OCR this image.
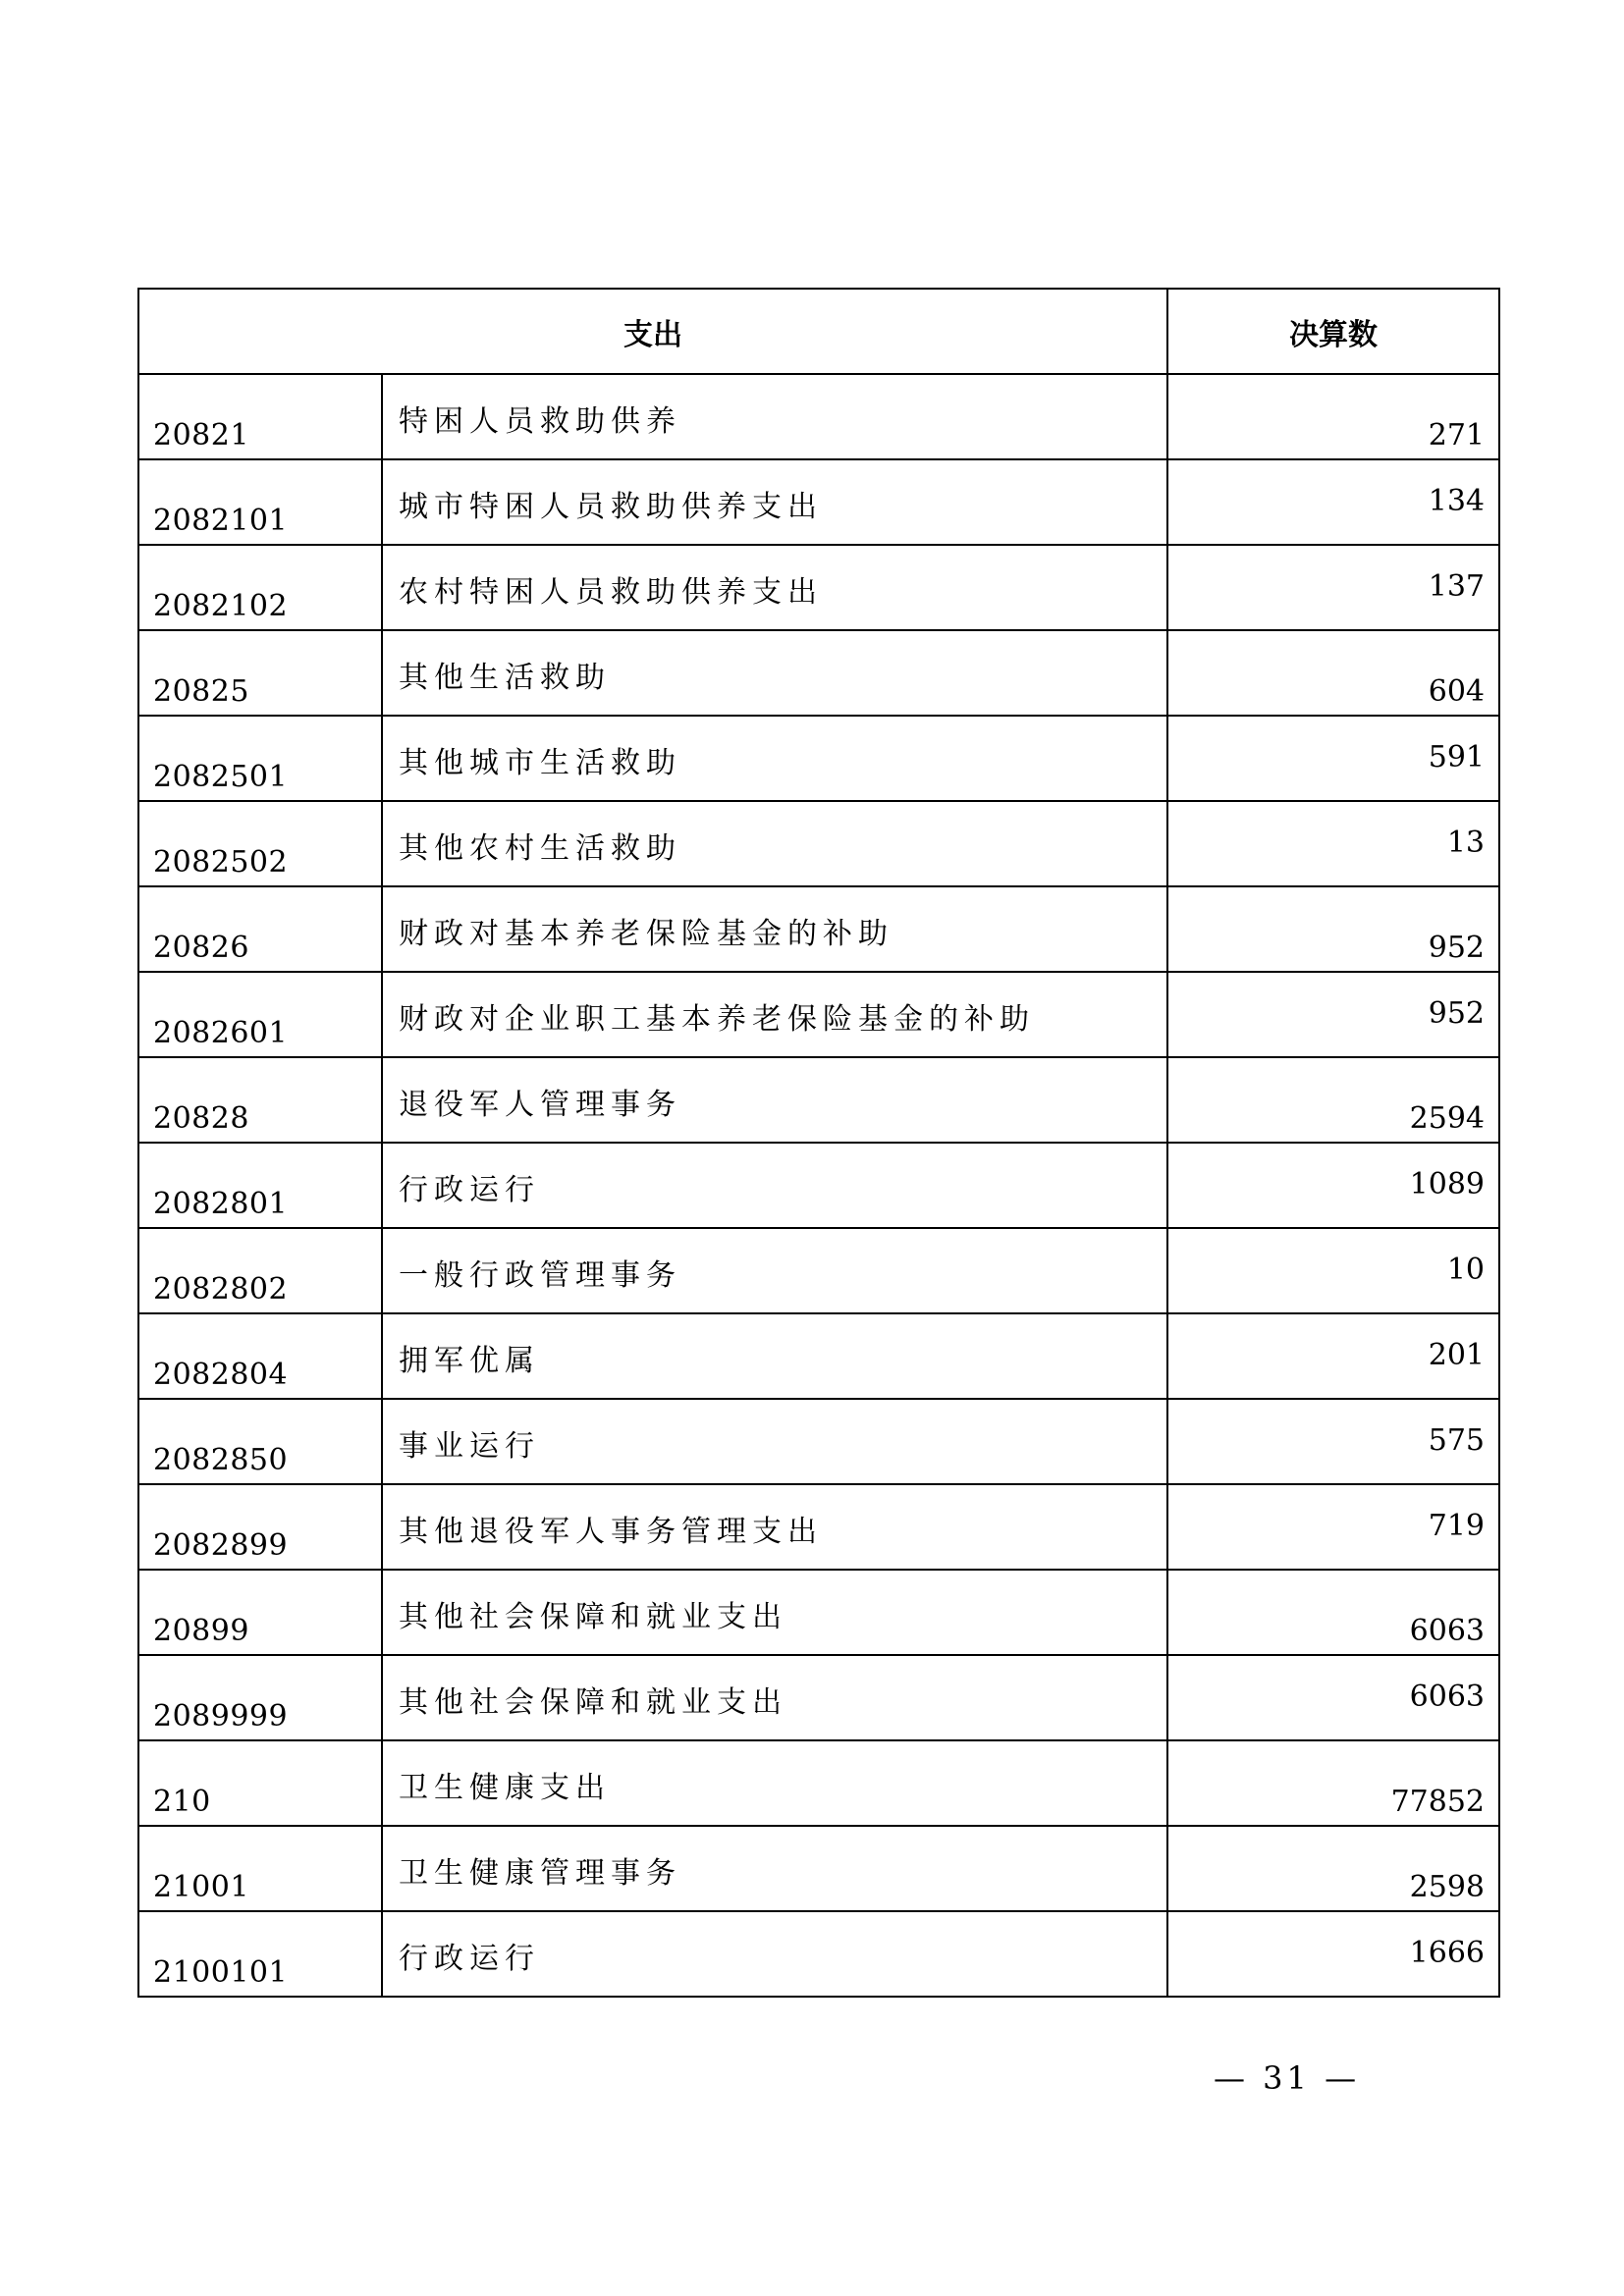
支出		决算数

20821	特困人员救助供养	271

2082101	城市特困人员救助供养支出	134

2082102	农村特困人员救助供养支出	137

20825	其他生活救助	604

2082501	其他城市生活救助	591

2082502	其他农村生活救助	13

20826	财政对基本养老保险基金的补助	952

2082601	财政对企业职工基本养老保险基金的补助	952

20828	退役军人管理事务	2594

2082801	行政运行	1089

2082802	一般行政管理事务	10

2082804	拥军优属	201

2082850	事业运行	575

2082899	其他退役军人事务管理支出	719

20899	其他社会保障和就业支出	6063

2089999	其他社会保障和就业支出	6063

210	卫生健康支出	77852

21001	卫生健康管理事务	2598

2100101	行政运行	1666
— 31 —
